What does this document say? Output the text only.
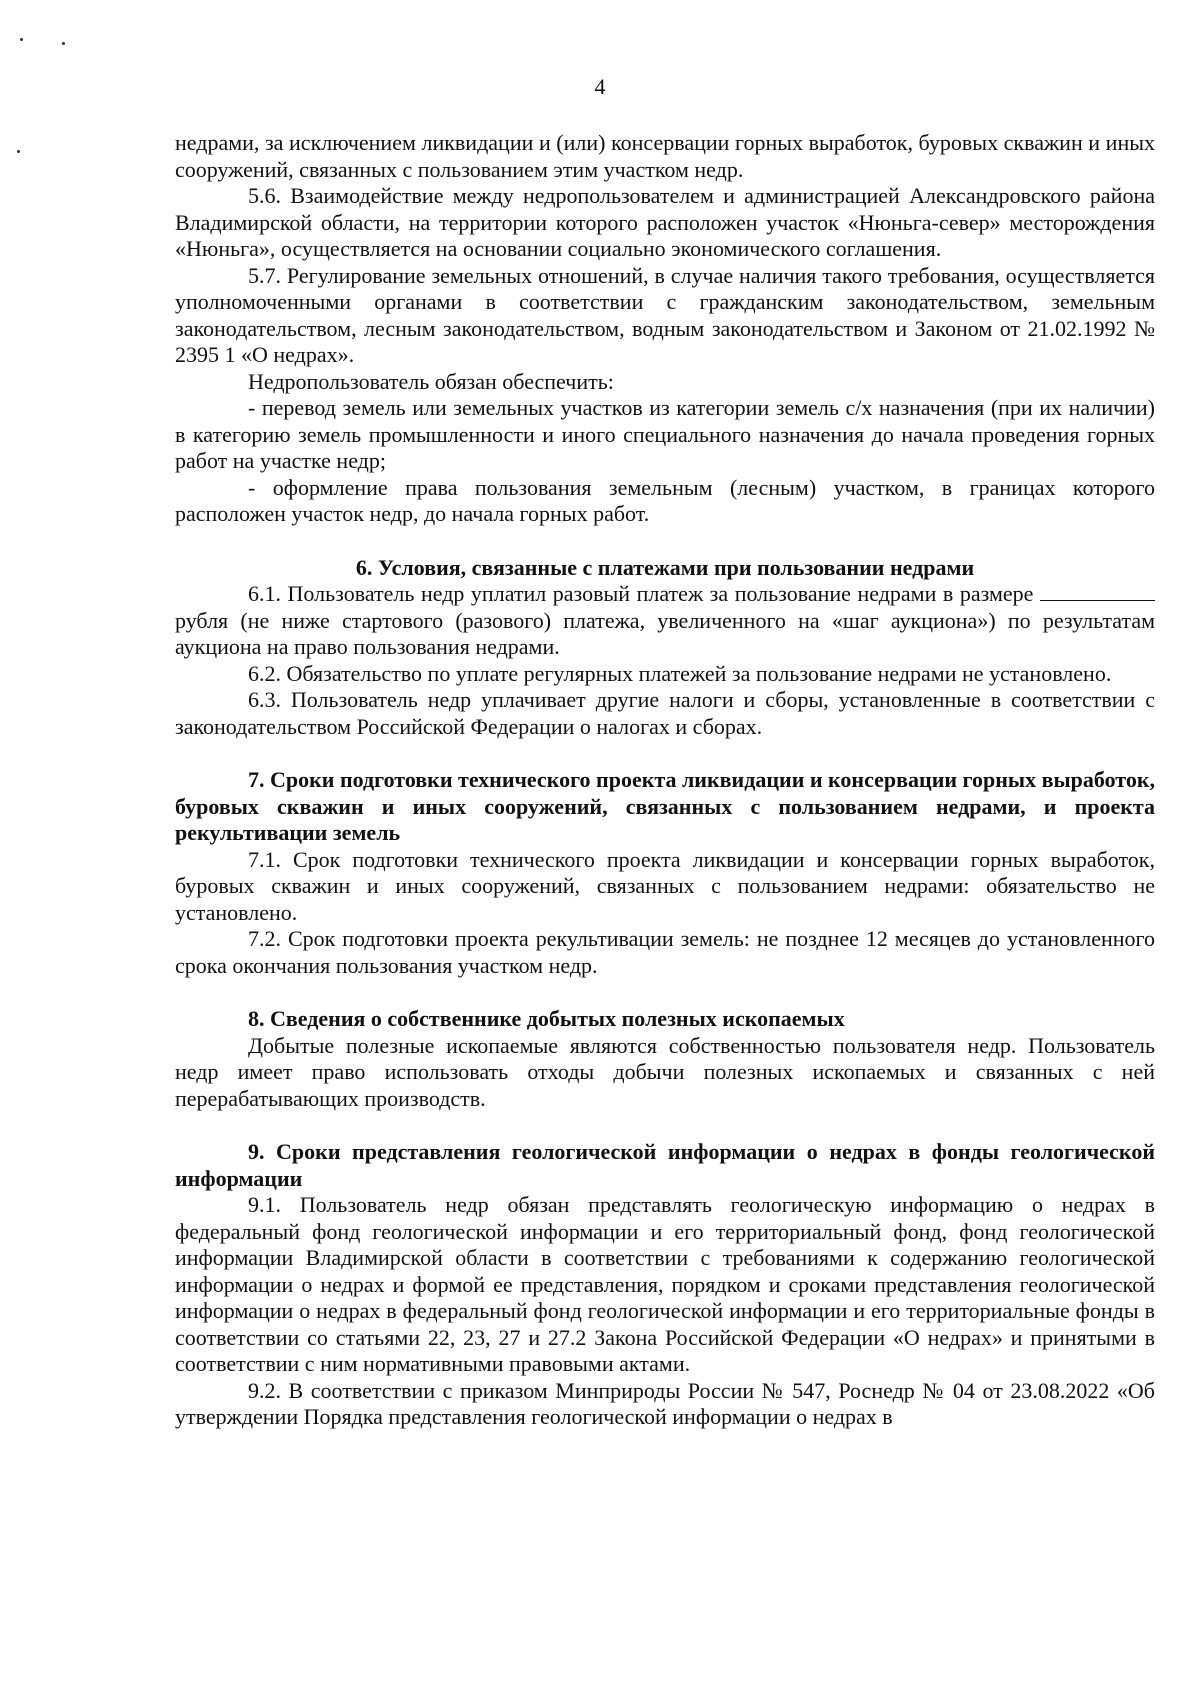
4

недрами, за исключением ликвидации и (или) консервации горных выработок, буровых скважин и иных сооружений, связанных с пользованием этим участком недр.

5.6. Взаимодействие между недропользователем и администрацией Александровского района Владимирской области, на территории которого расположен участок «Нюньга-север» месторождения «Нюньга», осуществляется на основании социально экономического соглашения.

5.7. Регулирование земельных отношений, в случае наличия такого требования, осуществляется уполномоченными органами в соответствии с гражданским законодательством, земельным законодательством, лесным законодательством, водным законодательством и Законом от 21.02.1992 № 2395 1 «О недрах».

Недропользователь обязан обеспечить:

- перевод земель или земельных участков из категории земель с/х назначения (при их наличии) в категорию земель промышленности и иного специального назначения до начала проведения горных работ на участке недр;

- оформление права пользования земельным (лесным) участком, в границах которого расположен участок недр, до начала горных работ.

6. Условия, связанные с платежами при пользовании недрами

6.1. Пользователь недр уплатил разовый платеж за пользование недрами в размере  рубля (не ниже стартового (разового) платежа, увеличенного на «шаг аукциона») по результатам аукциона на право пользования недрами.

6.2. Обязательство по уплате регулярных платежей за пользование недрами не установлено.

6.3. Пользователь недр уплачивает другие налоги и сборы, установленные в соответствии с законодательством Российской Федерации о налогах и сборах.

7. Сроки подготовки технического проекта ликвидации и консервации горных выработок, буровых скважин и иных сооружений, связанных с пользованием недрами, и проекта рекультивации земель

7.1. Срок подготовки технического проекта ликвидации и консервации горных выработок, буровых скважин и иных сооружений, связанных с пользованием недрами: обязательство не установлено.

7.2. Срок подготовки проекта рекультивации земель: не позднее 12 месяцев до установленного срока окончания пользования участком недр.

8. Сведения о собственнике добытых полезных ископаемых

Добытые полезные ископаемые являются собственностью пользователя недр. Пользователь недр имеет право использовать отходы добычи полезных ископаемых и связанных с ней перерабатывающих производств.

9. Сроки представления геологической информации о недрах в фонды геологической информации

9.1. Пользователь недр обязан представлять геологическую информацию о недрах в федеральный фонд геологической информации и его территориальный фонд, фонд геологической информации Владимирской области в соответствии с требованиями к содержанию геологической информации о недрах и формой ее представления, порядком и сроками представления геологической информации о недрах в федеральный фонд геологической информации и его территориальные фонды в соответствии со статьями 22, 23, 27 и 27.2 Закона Российской Федерации «О недрах» и принятыми в соответствии с ним нормативными правовыми актами.

9.2. В соответствии с приказом Минприроды России № 547, Роснедр № 04 от 23.08.2022 «Об утверждении Порядка представления геологической информации о недрах в
